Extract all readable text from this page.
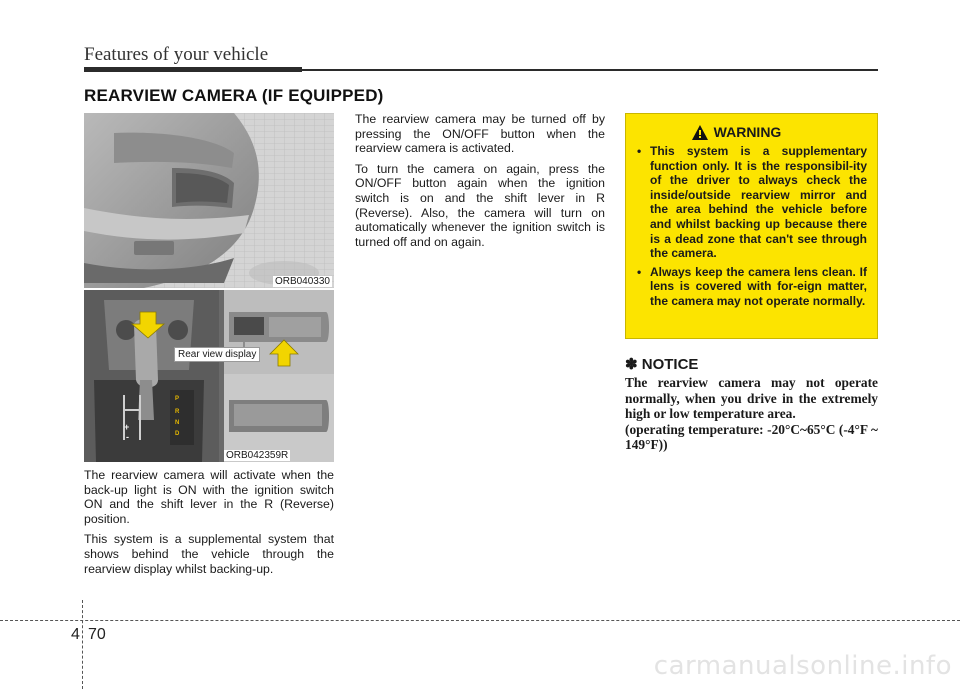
Features of your vehicle
REARVIEW CAMERA (IF EQUIPPED)
ORB040330
+
-
P
R
N
D
Rear view display
ORB042359R

The rearview camera will activate when the back-up light is ON with the ignition switch ON and the shift lever in the R (Reverse) position.

This system is a supplemental system that shows behind the vehicle through the rearview display whilst backing-up.

The rearview camera may be turned off by pressing the ON/OFF button when the rearview camera is activated.

To turn the camera on again, press the ON/OFF button again when the ignition switch is on and the shift lever in R (Reverse). Also, the camera will turn on automatically whenever the ignition switch is turned off and on again.

WARNING
• This system is a supplementary function only. It is the responsibil-ity of the driver to always check the inside/outside rearview mirror and the area behind the vehicle before and whilst backing up because there is a dead zone that can't see through the camera.
• Always keep the camera lens clean. If lens is covered with for-eign matter, the camera may not operate normally.
✽ NOTICE
The rearview camera may not operate normally, when you drive in the extremely high or low temperature area.
(operating temperature: -20°C~65°C (-4°F ~ 149°F))
4 70
carmanualsonline.info
